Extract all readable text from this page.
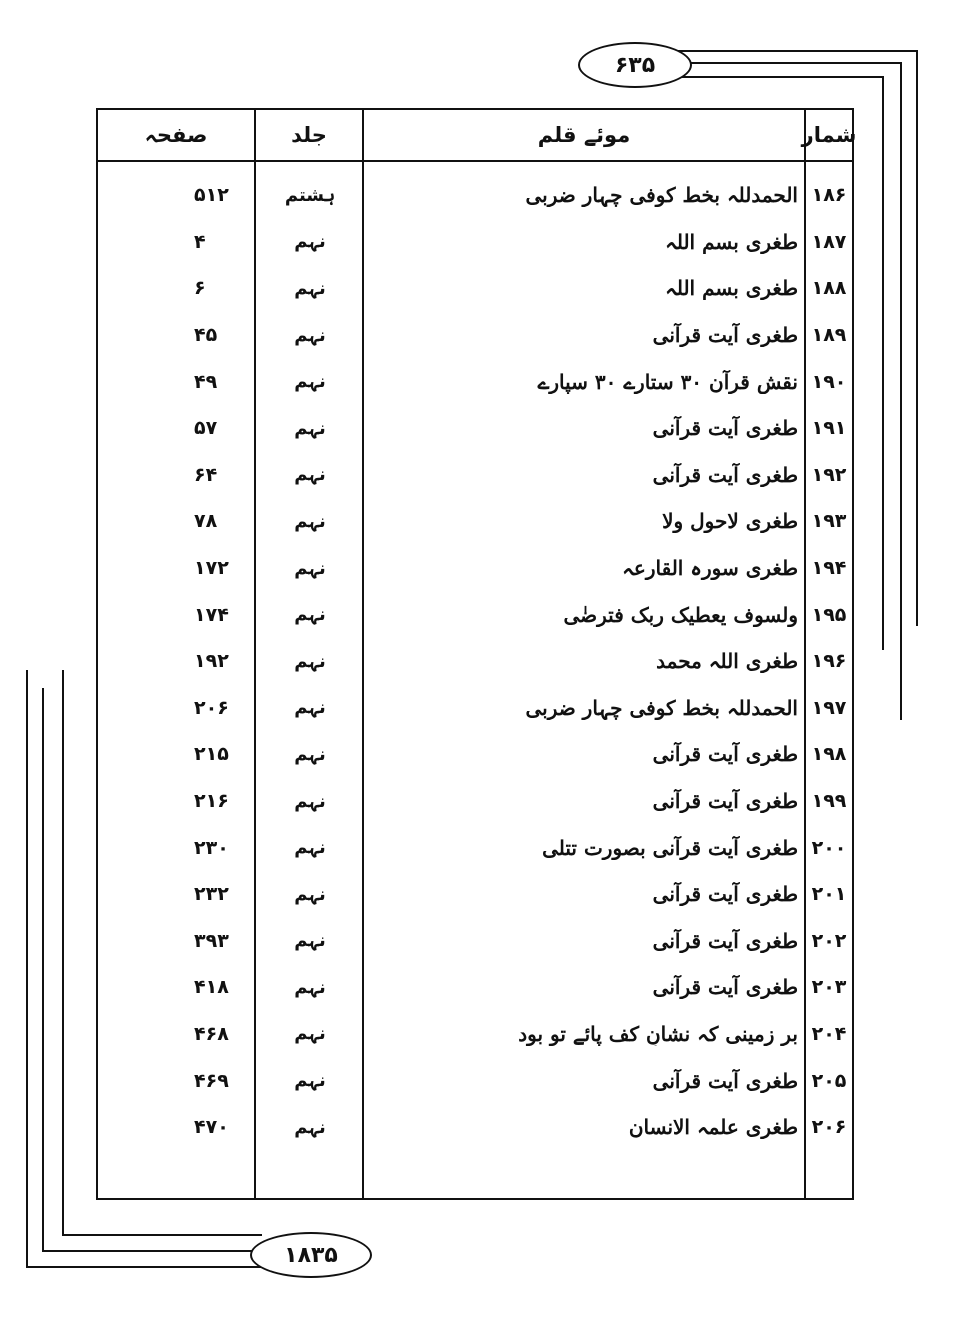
۶۳۵
۱۸۳۵
شمار
موئے قلم
جلد
صفحہ
۱۸۶
الحمدللہ بخط کوفی چہار ضربی
ہشتم
۵۱۲
۱۸۷
طغری بسم اللہ
نہم
۴
۱۸۸
طغری بسم اللہ
نہم
۶
۱۸۹
طغری آیت قرآنی
نہم
۴۵
۱۹۰
نقش قرآن ۳۰ ستارے ۳۰ سپارے
نہم
۴۹
۱۹۱
طغری آیت قرآنی
نہم
۵۷
۱۹۲
طغری آیت قرآنی
نہم
۶۴
۱۹۳
طغری لاحول ولا
نہم
۷۸
۱۹۴
طغری سورہ القارعہ
نہم
۱۷۲
۱۹۵
ولسوف یعطیک ربک فترضٰی
نہم
۱۷۴
۱۹۶
طغری اللہ محمد
نہم
۱۹۲
۱۹۷
الحمدللہ بخط کوفی چہار ضربی
نہم
۲۰۶
۱۹۸
طغری آیت قرآنی
نہم
۲۱۵
۱۹۹
طغری آیت قرآنی
نہم
۲۱۶
۲۰۰
طغری آیت قرآنی بصورت تتلی
نہم
۲۳۰
۲۰۱
طغری آیت قرآنی
نہم
۲۳۲
۲۰۲
طغری آیت قرآنی
نہم
۳۹۳
۲۰۳
طغری آیت قرآنی
نہم
۴۱۸
۲۰۴
بر زمینی کہ نشانِ کف پائے تو بود
نہم
۴۶۸
۲۰۵
طغری آیت قرآنی
نہم
۴۶۹
۲۰۶
طغری علمہ الانسان
نہم
۴۷۰
